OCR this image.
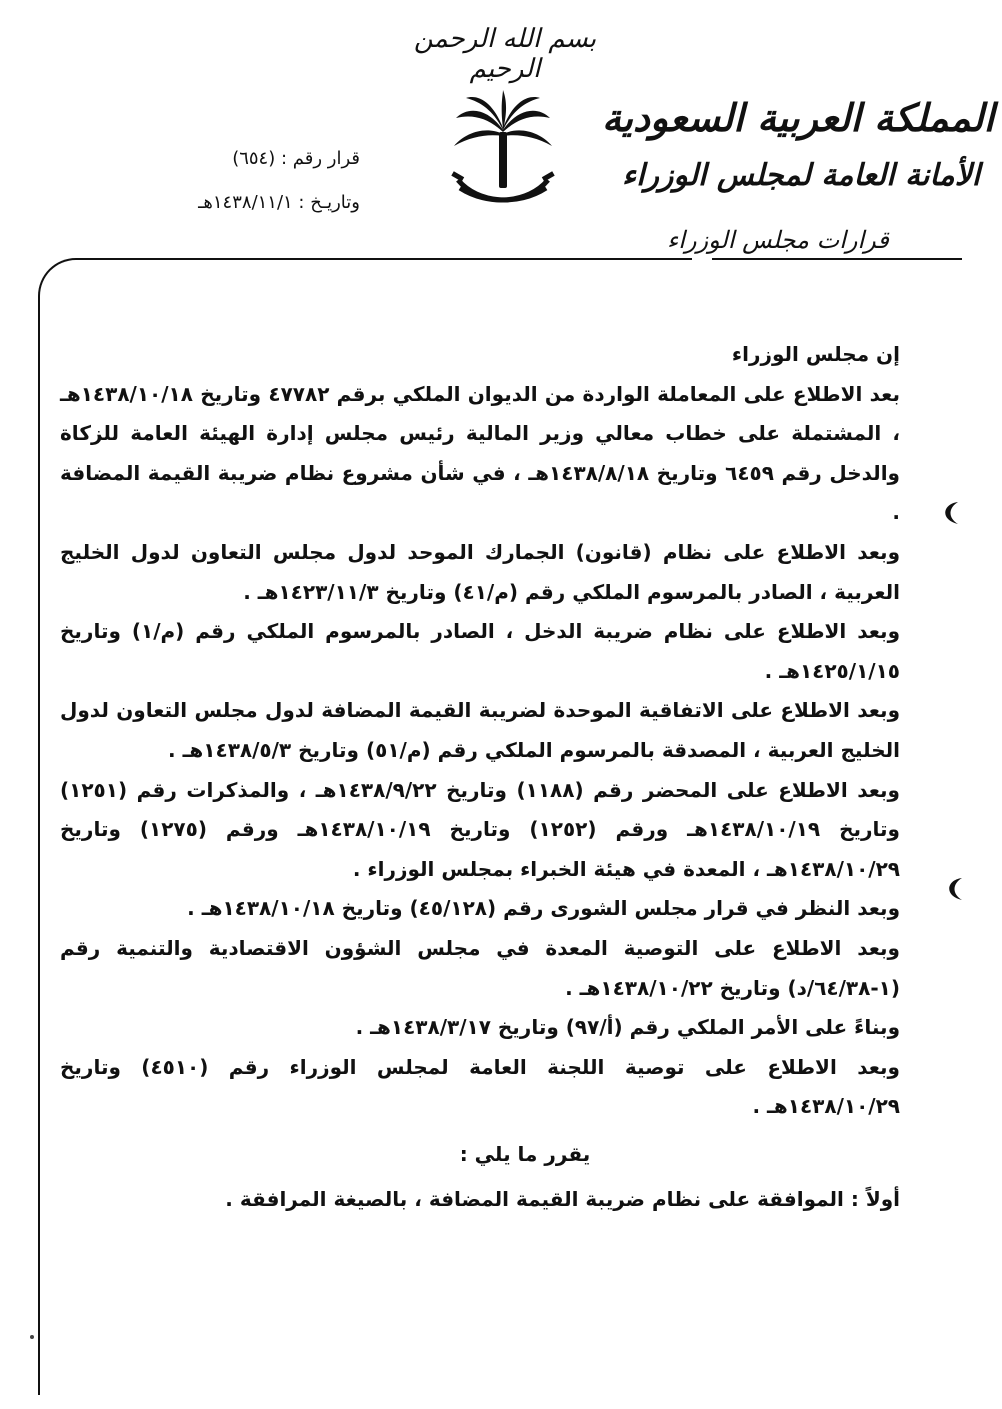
بسم الله الرحمن الرحيم
المملكة العربية السعودية
الأمانة العامة لمجلس الوزراء
قرار رقم : (٦٥٤)
وتاريـخ : ١٤٣٨/١١/١هـ
قرارات مجلس الوزراء

إن مجلس الوزراء

بعد الاطلاع على المعاملة الواردة من الديوان الملكي برقم ٤٧٧٨٢ وتاريخ ١٤٣٨/١٠/١٨هـ ، المشتملة على خطاب معالي وزير المالية رئيس مجلس إدارة الهيئة العامة للزكاة والدخل رقم ٦٤٥٩ وتاريخ ١٤٣٨/٨/١٨هـ ، في شأن مشروع نظام ضريبة القيمة المضافة .

وبعد الاطلاع على نظام (قانون) الجمارك الموحد لدول مجلس التعاون لدول الخليج العربية ، الصادر بالمرسوم الملكي رقم (م/٤١) وتاريخ ١٤٢٣/١١/٣هـ .

وبعد الاطلاع على نظام ضريبة الدخل ، الصادر بالمرسوم الملكي رقم (م/١) وتاريخ ١٤٢٥/١/١٥هـ .

وبعد الاطلاع على الاتفاقية الموحدة لضريبة القيمة المضافة لدول مجلس التعاون لدول الخليج العربية ، المصدقة بالمرسوم الملكي رقم (م/٥١) وتاريخ ١٤٣٨/٥/٣هـ .

وبعد الاطلاع على المحضر رقم (١١٨٨) وتاريخ ١٤٣٨/٩/٢٢هـ ، والمذكرات رقم (١٢٥١) وتاريخ ١٤٣٨/١٠/١٩هـ ورقم (١٢٥٢) وتاريخ ١٤٣٨/١٠/١٩هـ ورقم (١٢٧٥) وتاريخ ١٤٣٨/١٠/٢٩هـ ، المعدة في هيئة الخبراء بمجلس الوزراء .

وبعد النظر في قرار مجلس الشورى رقم (٤٥/١٢٨) وتاريخ ١٤٣٨/١٠/١٨هـ .

وبعد الاطلاع على التوصية المعدة في مجلس الشؤون الاقتصادية والتنمية رقم (١-٦٤/٣٨/د) وتاريخ ١٤٣٨/١٠/٢٢هـ .

وبناءً على الأمر الملكي رقم (أ/٩٧) وتاريخ ١٤٣٨/٣/١٧هـ .

وبعد الاطلاع على توصية اللجنة العامة لمجلس الوزراء رقم (٤٥١٠) وتاريخ ١٤٣٨/١٠/٢٩هـ .

يقرر ما يلي :

أولاً : الموافقة على نظام ضريبة القيمة المضافة ، بالصيغة المرافقة .
